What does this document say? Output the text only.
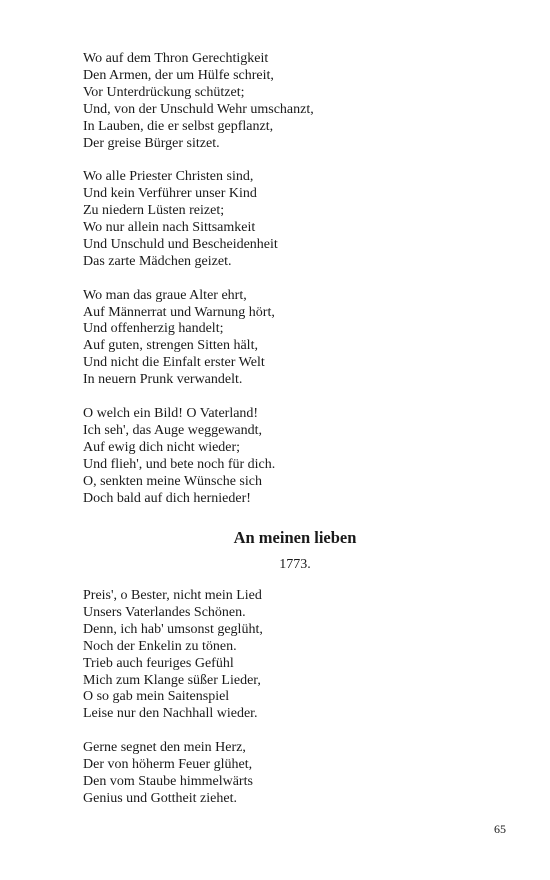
Wo auf dem Thron Gerechtigkeit
Den Armen, der um Hülfe schreit,
Vor Unterdrückung schützet;
Und, von der Unschuld Wehr umschanzt,
In Lauben, die er selbst gepflanzt,
Der greise Bürger sitzet.
Wo alle Priester Christen sind,
Und kein Verführer unser Kind
Zu niedern Lüsten reizet;
Wo nur allein nach Sittsamkeit
Und Unschuld und Bescheidenheit
Das zarte Mädchen geizet.
Wo man das graue Alter ehrt,
Auf Männerrat und Warnung hört,
Und offenherzig handelt;
Auf guten, strengen Sitten hält,
Und nicht die Einfalt erster Welt
In neuern Prunk verwandelt.
O welch ein Bild! O Vaterland!
Ich seh', das Auge weggewandt,
Auf ewig dich nicht wieder;
Und flieh', und bete noch für dich.
O, senkten meine Wünsche sich
Doch bald auf dich hernieder!
An meinen lieben
1773.
Preis', o Bester, nicht mein Lied
Unsers Vaterlandes Schönen.
Denn, ich hab' umsonst geglüht,
Noch der Enkelin zu tönen.
Trieb auch feuriges Gefühl
Mich zum Klange süßer Lieder,
O so gab mein Saitenspiel
Leise nur den Nachhall wieder.
Gerne segnet den mein Herz,
Der von höherm Feuer glühet,
Den vom Staube himmelwärts
Genius und Gottheit ziehet.
65
